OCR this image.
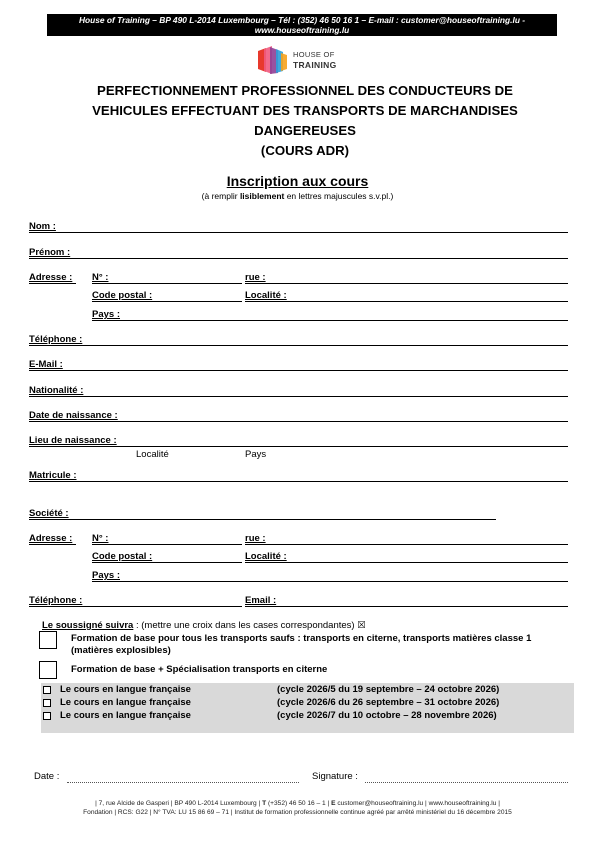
House of Training – BP 490 L-2014 Luxembourg – Tél : (352) 46 50 16 1 – E-mail : customer@houseoftraining.lu -
www.houseoftraining.lu
HOUSE OF
TRAINING
PERFECTIONNEMENT PROFESSIONNEL DES CONDUCTEURS DE
VEHICULES EFFECTUANT DES TRANSPORTS DE MARCHANDISES
DANGEREUSES
(COURS ADR)
Inscription aux cours
(à remplir lisiblement en lettres majuscules s.v.pl.)
Nom :
Prénom :
Adresse : N° :	rue :
Code postal :	Localité :
Pays :
Téléphone :
E-Mail :
Nationalité :
Date de naissance :
Lieu de naissance :
Localité	Pays
Matricule :
Société :
Adresse : N° :	rue :
Code postal :	Localité :
Pays :
Téléphone :	Email :
Le soussigné suivra : (mettre une croix dans les cases correspondantes) ☒
Formation de base pour tous les transports saufs : transports en citerne, transports matières classe 1 (matières explosibles)
Formation de base + Spécialisation transports en citerne
Le cours en langue française	(cycle 2026/5 du 19 septembre – 24 octobre 2026)
Le cours en langue française	(cycle 2026/6 du 26 septembre – 31 octobre 2026)
Le cours en langue française	(cycle 2026/7 du 10 octobre – 28 novembre 2026)
Date :	Signature :
| 7, rue Alcide de Gasperi | BP 490 L-2014 Luxembourg | T (+352) 46 50 16 – 1 | E customer@houseoftraining.lu | www.houseoftraining.lu |
Fondation | RCS: G22 | N° TVA: LU 15 86 69 – 71 | Institut de formation professionnelle continue agréé par arrêté ministériel du 16 décembre 2015
